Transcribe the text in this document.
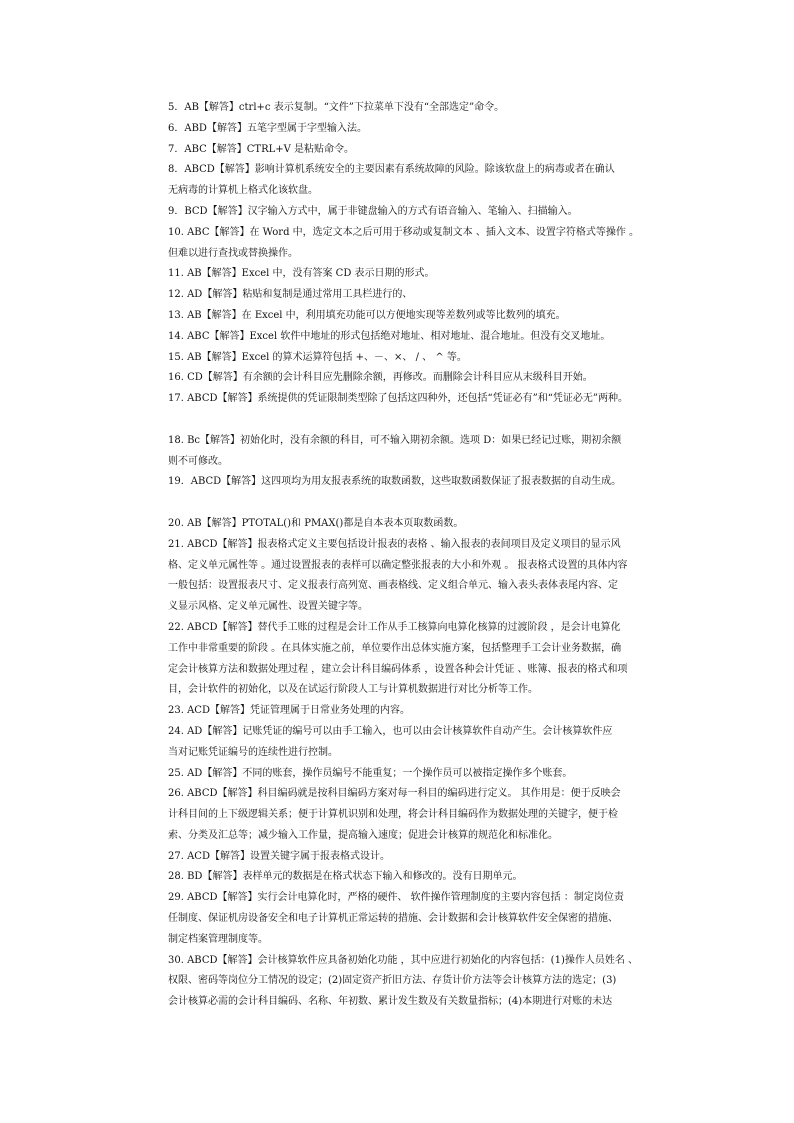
5．AB【解答】ctrl+c 表示复制。“文件”下拉菜单下没有“全部选定”命令。
6．ABD【解答】五笔字型属于字型输入法。
7．ABC【解答】CTRL+V 是粘贴命令。
8．ABCD【解答】影响计算机系统安全的主要因素有系统故障的风险。除该软盘上的病毒或者在确认
无病毒的计算机上格式化该软盘。
9．BCD【解答】汉字输入方式中，属于非键盘输入的方式有语音输入、笔输入、扫描输入。
10. ABC【解答】在 Word 中，选定文本之后可用于移动或复制文本 、插入文本、设置字符格式等操作 。
但难以进行查找或替换操作。
11. AB【解答】Excel 中，没有答案 CD 表示日期的形式。
12. AD【解答】粘贴和复制是通过常用工具栏进行的、
13. AB【解答】在 Excel 中，利用填充功能可以方便地实现等差数列或等比数列的填充。
14. ABC【解答】Excel 软件中地址的形式包括绝对地址、相对地址、混合地址。但没有交叉地址。
15. AB【解答】Excel 的算术运算符包括 +、－、×、 / 、 ^ 等。
16. CD【解答】有余额的会计科目应先删除余额，再修改。而删除会计科目应从末级科目开始。
17. ABCD【解答】系统提供的凭证限制类型除了包括这四种外，还包括“凭证必有”和“凭证必无”两种。
18. Bc【解答】初始化时，没有余额的科目，可不输入期初余额。选项 D：如果已经记过账，期初余额
则不可修改。
19．ABCD【解答】这四项均为用友报表系统的取数函数，这些取数函数保证了报表数据的自动生成。
20. AB【解答】PTOTAL()和 PMAX()都是自本表本页取数函数。
21. ABCD【解答】报表格式定义主要包括设计报表的表格 、输入报表的表间项目及定义项目的显示风
格、定义单元属性等 。通过设置报表的表样可以确定整张报表的大小和外观 。 报表格式设置的具体内容
一般包括：设置报表尺寸、定义报表行高列宽、画表格线、定义组合单元、输入表头表体表尾内容、定
义显示风格、定义单元属性、设置关键字等。
22. ABCD【解答】替代手工账的过程是会计工作从手工核算向电算化核算的过渡阶段 ，是会计电算化
工作中非常重要的阶段 。在具体实施之前，单位要作出总体实施方案，包括整理手工会计业务数据，确
定会计核算方法和数据处理过程 ，建立会计科目编码体系 ，设置各种会计凭证 、账簿、报表的格式和项
目，会计软件的初始化，以及在试运行阶段人工与计算机数据进行对比分析等工作。
23. ACD【解答】凭证管理属于日常业务处理的内容。
24. AD【解答】记账凭证的编号可以由手工输入，也可以由会计核算软件自动产生。会计核算软件应
当对记账凭证编号的连续性进行控制。
25. AD【解答】不同的账套，操作员编号不能重复；一个操作员可以被指定操作多个账套。
26. ABCD【解答】科目编码就是按科目编码方案对每一科目的编码进行定义。 其作用是：便于反映会
计科目间的上下级逻辑关系；便于计算机识别和处理，将会计科目编码作为数据处理的关键字，便于检
索、分类及汇总等；减少输入工作量，提高输入速度；促进会计核算的规范化和标准化。
27. ACD【解答】设置关键字属于报表格式设计。
28. BD【解答】表样单元的数据是在格式状态下输入和修改的。没有日期单元。
29. ABCD【解答】实行会计电算化时，严格的硬件、 软件操作管理制度的主要内容包括 ：制定岗位责
任制度、保证机房设备安全和电子计算机正常运转的措施、会计数据和会计核算软件安全保密的措施、
制定档案管理制度等。
30. ABCD【解答】会计核算软件应具备初始化功能 ，其中应进行初始化的内容包括：(1)操作人员姓名 、
权限、密码等岗位分工情况的设定；(2)固定资产折旧方法、存货计价方法等会计核算方法的选定；(3)
会计核算必需的会计科目编码、名称、年初数、累计发生数及有关数量指标；(4)本期进行对账的未达
